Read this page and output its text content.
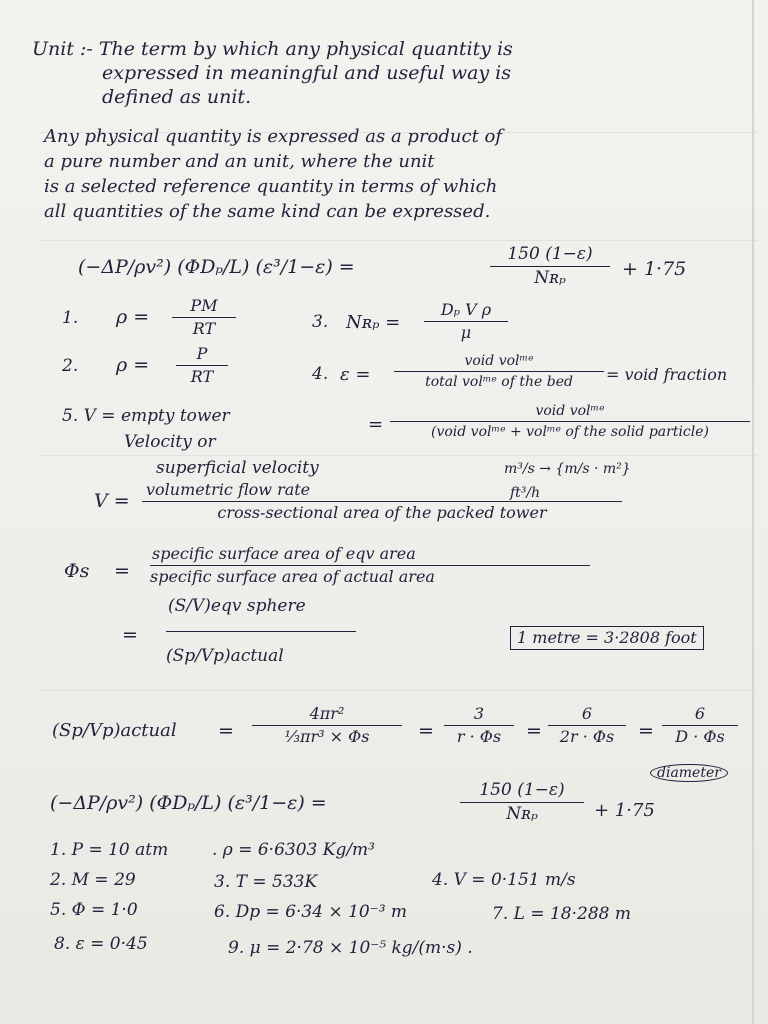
Unit :- The term by which any physical quantity is
expressed in meaningful and useful way is
defined as unit.
Any physical quantity is expressed as a product of
a pure number and an unit, where the unit
is a selected reference quantity in terms of which
all quantities of the same kind can be expressed.
(−ΔP/ρv²) (ΦDₚ/L) (ε³/1−ε) =
150 (1−ε)
Nʀₚ	+ 1·75
1. $\rho = \frac{PM}{RT}$	3. Nʀₚ = $\frac{\text{Dₚ V ρ}}{\mu}$
2. $\rho = \frac{P}{RT}$	4. ε =
void volᵐᵉ
total volᵐᵉ of the bed	= void fraction
5. V = empty tower
Velocity or
superficial velocity
=
void volᵐᵉ
(void volᵐᵉ + volᵐᵉ of the solid particle)
m³/s → {m/s · m²}
ft³/h
V =
volumetric flow rate
cross-sectional area of the packed tower
Φs =
specific surface area of eqv area
specific surface area of actual area
=
(S/V)eqv sphere
(Sp/Vp)actual
1 metre = 3·2808 foot
(Sp/Vp)actual = $\frac{\text{4πr²}}{\text{⅓πr³ × Φs}} = \frac{3}{r \cdot \Phi s} = \frac{6}{2r \cdot \Phi s} = \frac{6}{D \cdot \Phi s}$
diameter
(−ΔP/ρv²) (ΦDₚ/L) (ε³/1−ε) =
150 (1−ε)
Nʀₚ	+ 1·75
1. P = 10 atm	. ρ = 6·6303 Kg/m³
2. M = 29	3. T = 533K	4. V = 0·151 m/s
5. Φ = 1·0	6. Dp = 6·34 × 10⁻³ m	7. L = 18·288 m
8. ε = 0·45	9. μ = 2·78 × 10⁻⁵ kg/(m·s) .
